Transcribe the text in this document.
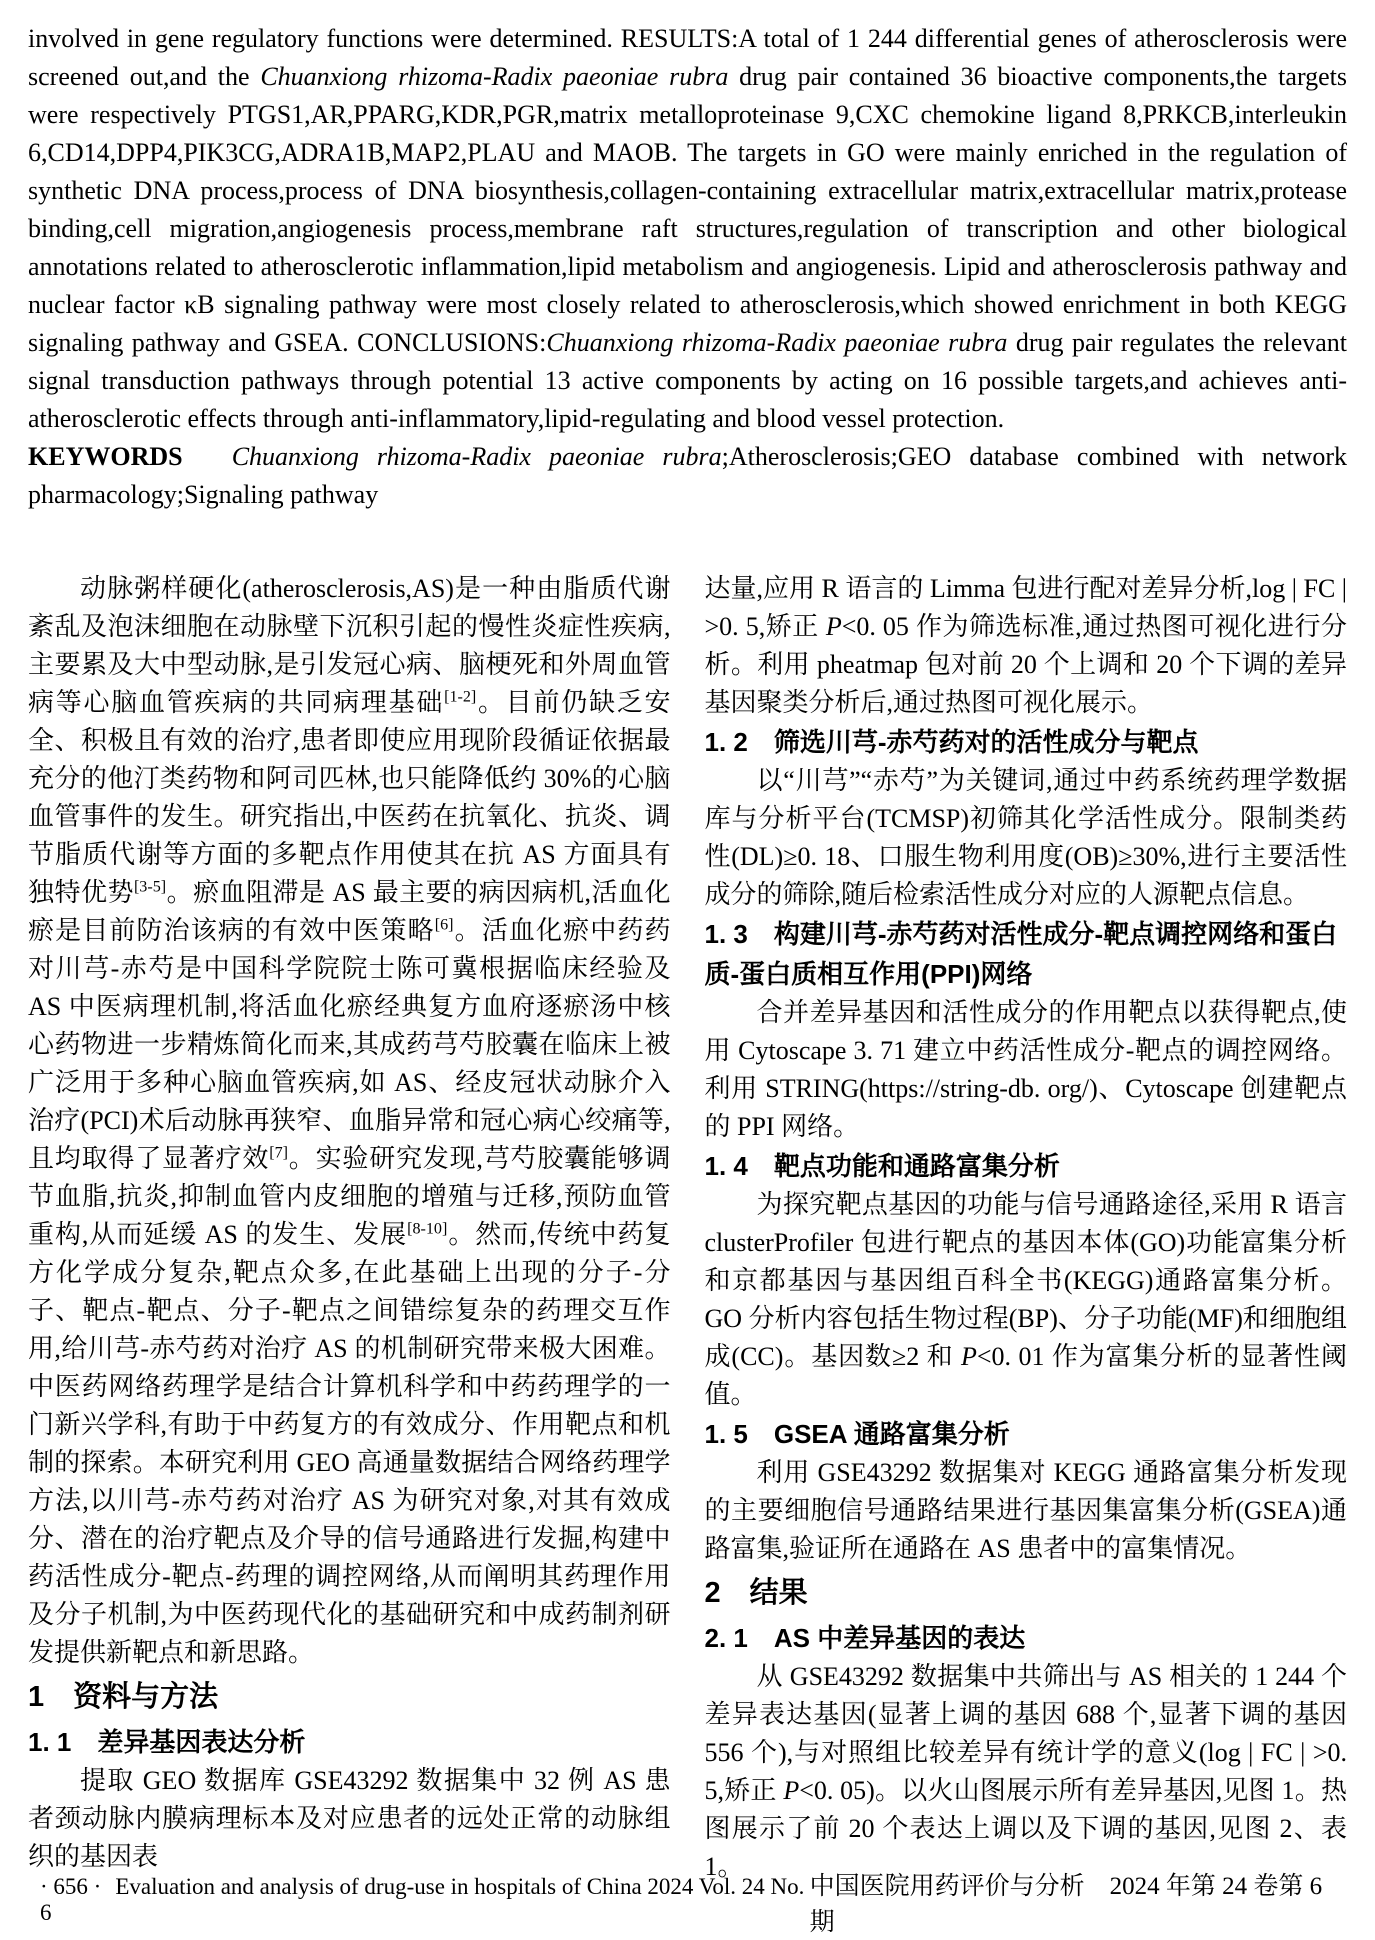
involved in gene regulatory functions were determined. RESULTS:A total of 1 244 differential genes of atherosclerosis were screened out,and the Chuanxiong rhizoma-Radix paeoniae rubra drug pair contained 36 bioactive components,the targets were respectively PTGS1,AR,PPARG,KDR,PGR,matrix metalloproteinase 9,CXC chemokine ligand 8,PRKCB,interleukin 6,CD14,DPP4,PIK3CG,ADRA1B,MAP2,PLAU and MAOB. The targets in GO were mainly enriched in the regulation of synthetic DNA process,process of DNA biosynthesis,collagen-containing extracellular matrix,extracellular matrix,protease binding,cell migration,angiogenesis process,membrane raft structures,regulation of transcription and other biological annotations related to atherosclerotic inflammation,lipid metabolism and angiogenesis. Lipid and atherosclerosis pathway and nuclear factor κB signaling pathway were most closely related to atherosclerosis,which showed enrichment in both KEGG signaling pathway and GSEA. CONCLUSIONS:Chuanxiong rhizoma-Radix paeoniae rubra drug pair regulates the relevant signal transduction pathways through potential 13 active components by acting on 16 possible targets,and achieves anti-atherosclerotic effects through anti-inflammatory,lipid-regulating and blood vessel protection.
KEYWORDS　 Chuanxiong rhizoma-Radix paeoniae rubra;Atherosclerosis;GEO database combined with network pharmacology;Signaling pathway
动脉粥样硬化(atherosclerosis,AS)是一种由脂质代谢紊乱及泡沫细胞在动脉壁下沉积引起的慢性炎症性疾病,主要累及大中型动脉,是引发冠心病、脑梗死和外周血管病等心脑血管疾病的共同病理基础[1-2]。目前仍缺乏安全、积极且有效的治疗,患者即使应用现阶段循证依据最充分的他汀类药物和阿司匹林,也只能降低约 30%的心脑血管事件的发生。研究指出,中医药在抗氧化、抗炎、调节脂质代谢等方面的多靶点作用使其在抗 AS 方面具有独特优势[3-5]。瘀血阻滞是 AS 最主要的病因病机,活血化瘀是目前防治该病的有效中医策略[6]。活血化瘀中药药对川芎-赤芍是中国科学院院士陈可冀根据临床经验及 AS 中医病理机制,将活血化瘀经典复方血府逐瘀汤中核心药物进一步精炼简化而来,其成药芎芍胶囊在临床上被广泛用于多种心脑血管疾病,如 AS、经皮冠状动脉介入治疗(PCI)术后动脉再狭窄、血脂异常和冠心病心绞痛等,且均取得了显著疗效[7]。实验研究发现,芎芍胶囊能够调节血脂,抗炎,抑制血管内皮细胞的增殖与迁移,预防血管重构,从而延缓 AS 的发生、发展[8-10]。然而,传统中药复方化学成分复杂,靶点众多,在此基础上出现的分子-分子、靶点-靶点、分子-靶点之间错综复杂的药理交互作用,给川芎-赤芍药对治疗 AS 的机制研究带来极大困难。中医药网络药理学是结合计算机科学和中药药理学的一门新兴学科,有助于中药复方的有效成分、作用靶点和机制的探索。本研究利用 GEO 高通量数据结合网络药理学方法,以川芎-赤芍药对治疗 AS 为研究对象,对其有效成分、潜在的治疗靶点及介导的信号通路进行发掘,构建中药活性成分-靶点-药理的调控网络,从而阐明其药理作用及分子机制,为中医药现代化的基础研究和中成药制剂研发提供新靶点和新思路。
1　资料与方法
1. 1　差异基因表达分析
提取 GEO 数据库 GSE43292 数据集中 32 例 AS 患者颈动脉内膜病理标本及对应患者的远处正常的动脉组织的基因表
达量,应用 R 语言的 Limma 包进行配对差异分析,log | FC | >0. 5,矫正 P<0. 05 作为筛选标准,通过热图可视化进行分析。利用 pheatmap 包对前 20 个上调和 20 个下调的差异基因聚类分析后,通过热图可视化展示。
1. 2　筛选川芎-赤芍药对的活性成分与靶点
以“川芎”“赤芍”为关键词,通过中药系统药理学数据库与分析平台(TCMSP)初筛其化学活性成分。限制类药性(DL)≥0. 18、口服生物利用度(OB)≥30%,进行主要活性成分的筛除,随后检索活性成分对应的人源靶点信息。
1. 3　构建川芎-赤芍药对活性成分-靶点调控网络和蛋白质-蛋白质相互作用(PPI)网络
合并差异基因和活性成分的作用靶点以获得靶点,使用 Cytoscape 3. 71 建立中药活性成分-靶点的调控网络。利用 STRING(https://string-db. org/)、Cytoscape 创建靶点的 PPI 网络。
1. 4　靶点功能和通路富集分析
为探究靶点基因的功能与信号通路途径,采用 R 语言 clusterProfiler 包进行靶点的基因本体(GO)功能富集分析和京都基因与基因组百科全书(KEGG)通路富集分析。GO 分析内容包括生物过程(BP)、分子功能(MF)和细胞组成(CC)。基因数≥2 和 P<0. 01 作为富集分析的显著性阈值。
1. 5　GSEA 通路富集分析
利用 GSE43292 数据集对 KEGG 通路富集分析发现的主要细胞信号通路结果进行基因集富集分析(GSEA)通路富集,验证所在通路在 AS 患者中的富集情况。
2　结果
2. 1　AS 中差异基因的表达
从 GSE43292 数据集中共筛出与 AS 相关的 1 244 个差异表达基因(显著上调的基因 688 个,显著下调的基因 556 个),与对照组比较差异有统计学的意义(log | FC | >0. 5,矫正 P<0. 05)。以火山图展示所有差异基因,见图 1。热图展示了前 20 个表达上调以及下调的基因,见图 2、表 1。
· 656 · Evaluation and analysis of drug-use in hospitals of China 2024 Vol. 24 No. 6
中国医院用药评价与分析　2024 年第 24 卷第 6 期
